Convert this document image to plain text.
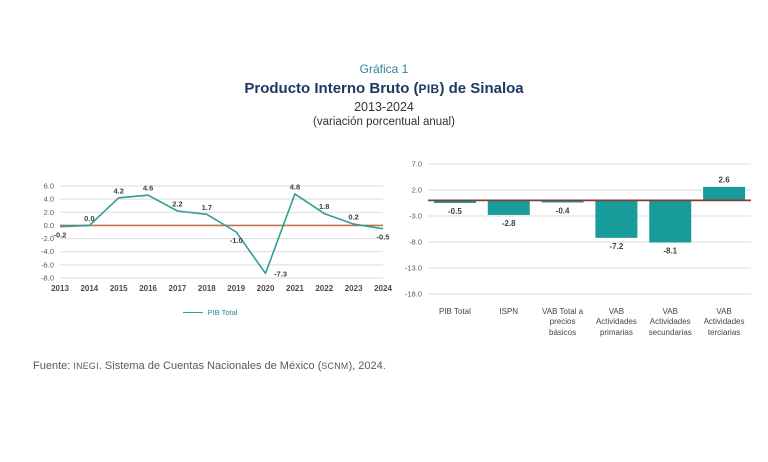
Gráfica 1
Producto Interno Bruto (PIB) de Sinaloa
2013-2024
(variación porcentual anual)
6.0
4.0
2.0
0.0
-2.0
-4.0
-6.0
-8.0
-0.2
0.0
4.2	4.6
2.2	1.7
-1.0
-7.3
4.8
1.8
0.2
-0.5
2013 2014 2015 2016 2017 2018 2019 2020 2021 2022 2023 2024
PIB Total
7.0
2.0
-3.0
-8.0
-13.0
-18.0
-0.5
-2.8
-0.4
-7.2
-8.1
2.6
PIB Total	ISPN	VAB Total a precios básicos
VAB Actividades primarias
VAB Actividades secundarias
VAB Actividades terciarias
Fuente: INEGI. Sistema de Cuentas Nacionales de México (SCNM), 2024.
